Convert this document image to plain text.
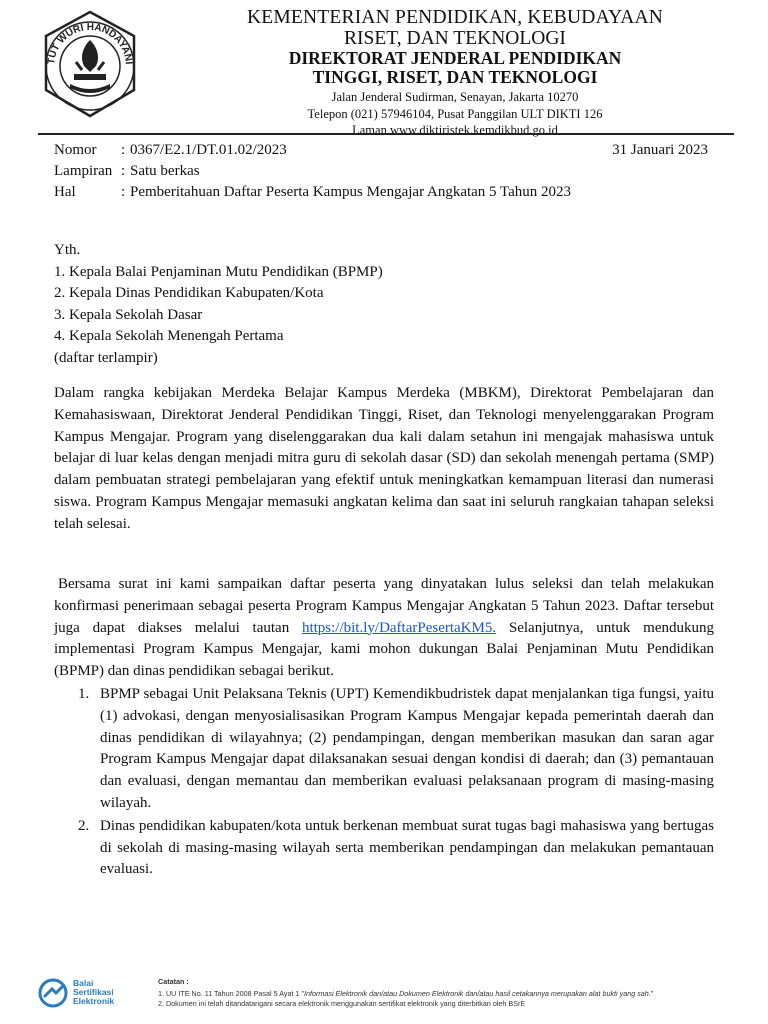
TUT WURI HANDAYANI
KEMENTERIAN PENDIDIKAN, KEBUDAYAAN
RISET, DAN TEKNOLOGI
DIREKTORAT JENDERAL PENDIDIKAN
TINGGI, RISET, DAN TEKNOLOGI
Jalan Jenderal Sudirman, Senayan, Jakarta 10270
Telepon (021) 57946104, Pusat Panggilan ULT DIKTI 126
Laman www.diktiristek.kemdikbud.go.id
Nomor : 0367/E2.1/DT.01.02/2023	31 Januari 2023
Lampiran : Satu berkas
Hal	: Pemberitahuan Daftar Peserta Kampus Mengajar Angkatan 5 Tahun 2023
Yth.
1. Kepala Balai Penjaminan Mutu Pendidikan (BPMP)
2. Kepala Dinas Pendidikan Kabupaten/Kota
3. Kepala Sekolah Dasar
4. Kepala Sekolah Menengah Pertama
(daftar terlampir)
Dalam rangka kebijakan Merdeka Belajar Kampus Merdeka (MBKM), Direktorat Pembelajaran dan Kemahasiswaan, Direktorat Jenderal Pendidikan Tinggi, Riset, dan Teknologi menyelenggarakan Program Kampus Mengajar. Program yang diselenggarakan dua kali dalam setahun ini mengajak mahasiswa untuk belajar di luar kelas dengan menjadi mitra guru di sekolah dasar (SD) dan sekolah menengah pertama (SMP) dalam pembuatan strategi pembelajaran yang efektif untuk meningkatkan kemampuan literasi dan numerasi siswa. Program Kampus Mengajar memasuki angkatan kelima dan saat ini seluruh rangkaian tahapan seleksi telah selesai.
Bersama surat ini kami sampaikan daftar peserta yang dinyatakan lulus seleksi dan telah melakukan konfirmasi penerimaan sebagai peserta Program Kampus Mengajar Angkatan 5 Tahun 2023. Daftar tersebut juga dapat diakses melalui tautan https://bit.ly/DaftarPesertaKM5. Selanjutnya, untuk mendukung implementasi Program Kampus Mengajar, kami mohon dukungan Balai Penjaminan Mutu Pendidikan (BPMP) dan dinas pendidikan sebagai berikut.
1. BPMP sebagai Unit Pelaksana Teknis (UPT) Kemendikbudristek dapat menjalankan tiga fungsi, yaitu (1) advokasi, dengan menyosialisasikan Program Kampus Mengajar kepada pemerintah daerah dan dinas pendidikan di wilayahnya; (2) pendampingan, dengan memberikan masukan dan saran agar Program Kampus Mengajar dapat dilaksanakan sesuai dengan kondisi di daerah; dan (3) pemantauan dan evaluasi, dengan memantau dan memberikan evaluasi pelaksanaan program di masing-masing wilayah.
2. Dinas pendidikan kabupaten/kota untuk berkenan membuat surat tugas bagi mahasiswa yang bertugas di sekolah di masing-masing wilayah serta memberikan pendampingan dan melakukan pemantauan evaluasi.
Balai
Sertifikasi
Elektronik
Catatan :
1. UU ITE No. 11 Tahun 2008 Pasal 5 Ayat 1 "Informasi Elektronik dan/atau Dokumen Elektronik dan/atau hasil cetakannya merupakan alat bukti yang sah."
2. Dokumen ini telah ditandatangani secara elektronik menggunakan sertifikat elektronik yang diterbitkan oleh BSrE
